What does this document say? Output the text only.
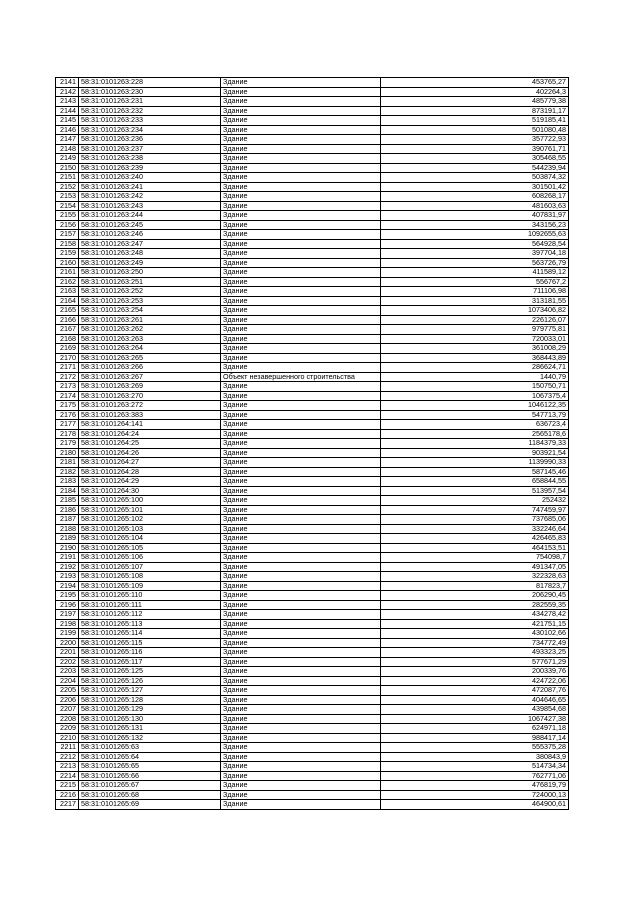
2141	58:31:0101263:228	Здание	453765,27
2142	58:31:0101263:230	Здание	402264,3
2143	58:31:0101263:231	Здание	485779,38
2144	58:31:0101263:232	Здание	873191,17
2145	58:31:0101263:233	Здание	519185,41
2146	58:31:0101263:234	Здание	501080,48
2147	58:31:0101263:236	Здание	357722,93
2148	58:31:0101263:237	Здание	390761,71
2149	58:31:0101263:238	Здание	305468,55
2150	58:31:0101263:239	Здание	544239,94
2151	58:31:0101263:240	Здание	503874,32
2152	58:31:0101263:241	Здание	301501,42
2153	58:31:0101263:242	Здание	608268,17
2154	58:31:0101263:243	Здание	481603,63
2155	58:31:0101263:244	Здание	407831,97
2156	58:31:0101263:245	Здание	343156,23
2157	58:31:0101263:246	Здание	1092655,63
2158	58:31:0101263:247	Здание	564928,54
2159	58:31:0101263:248	Здание	397704,18
2160	58:31:0101263:249	Здание	563726,79
2161	58:31:0101263:250	Здание	411589,12
2162	58:31:0101263:251	Здание	556767,2
2163	58:31:0101263:252	Здание	711106,98
2164	58:31:0101263:253	Здание	313181,55
2165	58:31:0101263:254	Здание	1073406,82
2166	58:31:0101263:261	Здание	226126,07
2167	58:31:0101263:262	Здание	979775,81
2168	58:31:0101263:263	Здание	720033,01
2169	58:31:0101263:264	Здание	361008,29
2170	58:31:0101263:265	Здание	368443,89
2171	58:31:0101263:266	Здание	286624,71
2172	58:31:0101263:267	Объект незавершенного строительства	1440,79
2173	58:31:0101263:269	Здание	150750,71
2174	58:31:0101263:270	Здание	1067375,4
2175	58:31:0101263:272	Здание	1046122,35
2176	58:31:0101263:383	Здание	547713,79
2177	58:31:0101264:141	Здание	636723,4
2178	58:31:0101264:24	Здание	2565178,6
2179	58:31:0101264:25	Здание	1184379,33
2180	58:31:0101264:26	Здание	903921,54
2181	58:31:0101264:27	Здание	1139990,33
2182	58:31:0101264:28	Здание	587145,46
2183	58:31:0101264:29	Здание	658844,55
2184	58:31:0101264:30	Здание	513957,54
2185	58:31:0101265:100	Здание	252432
2186	58:31:0101265:101	Здание	747459,97
2187	58:31:0101265:102	Здание	737685,06
2188	58:31:0101265:103	Здание	332246,64
2189	58:31:0101265:104	Здание	426465,83
2190	58:31:0101265:105	Здание	464153,51
2191	58:31:0101265:106	Здание	754098,7
2192	58:31:0101265:107	Здание	491347,05
2193	58:31:0101265:108	Здание	322328,63
2194	58:31:0101265:109	Здание	817823,7
2195	58:31:0101265:110	Здание	206290,45
2196	58:31:0101265:111	Здание	282559,35
2197	58:31:0101265:112	Здание	434278,42
2198	58:31:0101265:113	Здание	421751,15
2199	58:31:0101265:114	Здание	430102,66
2200	58:31:0101265:115	Здание	734772,49
2201	58:31:0101265:116	Здание	493323,25
2202	58:31:0101265:117	Здание	577671,29
2203	58:31:0101265:125	Здание	200339,76
2204	58:31:0101265:126	Здание	424722,06
2205	58:31:0101265:127	Здание	472087,76
2206	58:31:0101265:128	Здание	404646,65
2207	58:31:0101265:129	Здание	439854,68
2208	58:31:0101265:130	Здание	1067427,38
2209	58:31:0101265:131	Здание	624971,18
2210	58:31:0101265:132	Здание	988417,14
2211	58:31:0101265:63	Здание	555375,28
2212	58:31:0101265:64	Здание	380843,9
2213	58:31:0101265:65	Здание	514734,34
2214	58:31:0101265:66	Здание	762771,06
2215	58:31:0101265:67	Здание	476819,79
2216	58:31:0101265:68	Здание	724000,13
2217	58:31:0101265:69	Здание	464900,61
